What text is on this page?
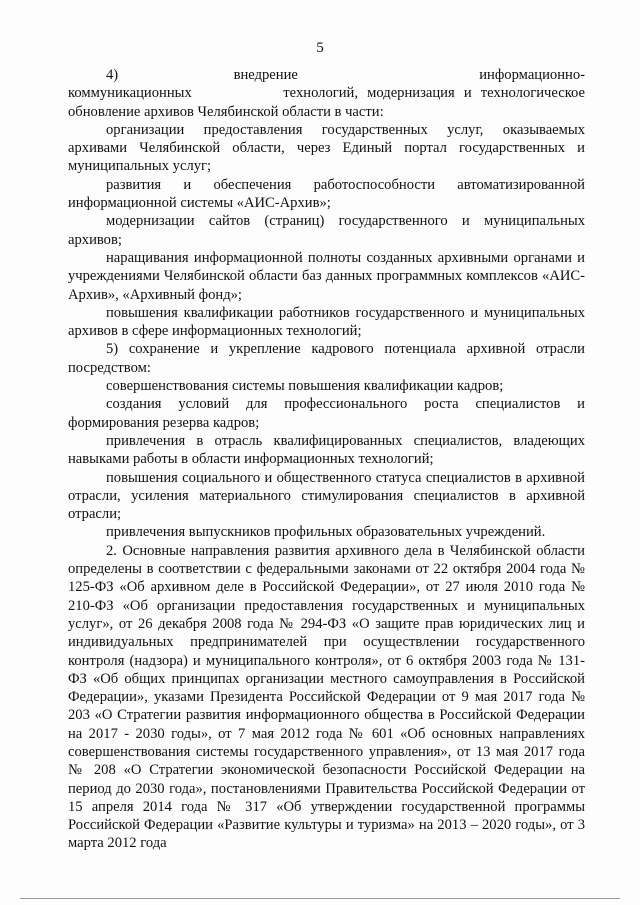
5

4)       внедрение           информационно-коммуникационных          технологий, модернизация и технологическое обновление архивов Челябинской области в части:

организации предоставления государственных услуг, оказываемых архивами Челябинской области, через Единый портал государственных и муниципальных услуг;

развития и обеспечения работоспособности автоматизированной информационной системы «АИС-Архив»;

модернизации сайтов (страниц) государственного и муниципальных архивов;

наращивания информационной полноты созданных архивными органами и учреждениями Челябинской области баз данных программных комплексов «АИС-Архив», «Архивный фонд»;

повышения квалификации работников государственного и муниципальных архивов в сфере информационных технологий;

5) сохранение и укрепление кадрового потенциала архивной отрасли посредством:

совершенствования системы повышения квалификации кадров;

создания условий для профессионального роста специалистов и формирования резерва кадров;

привлечения в отрасль квалифицированных специалистов, владеющих навыками работы в области информационных технологий;

повышения социального и общественного статуса специалистов в архивной отрасли, усиления материального стимулирования специалистов в архивной отрасли;

привлечения выпускников профильных образовательных учреждений.

2. Основные направления развития архивного дела в Челябинской области определены в соответствии с федеральными законами от 22 октября 2004 года № 125-ФЗ «Об архивном деле в Российской Федерации», от 27 июля 2010 года № 210-ФЗ «Об организации предоставления государственных и муниципальных услуг», от 26 декабря 2008 года № 294-ФЗ «О защите прав юридических лиц и индивидуальных предпринимателей при осуществлении государственного контроля (надзора) и муниципального контроля», от 6 октября 2003 года № 131-ФЗ «Об общих принципах организации местного самоуправления в Российской Федерации», указами Президента Российской Федерации от 9 мая 2017 года № 203 «О Стратегии развития информационного общества в Российской Федерации на 2017 - 2030 годы», от 7 мая 2012 года № 601 «Об основных направлениях совершенствования системы государственного управления», от 13 мая 2017 года № 208 «О Стратегии экономической безопасности Российской Федерации на период до 2030 года», постановлениями Правительства Российской Федерации от 15 апреля 2014 года № 317 «Об утверждении государственной программы Российской Федерации «Развитие культуры и туризма» на 2013 – 2020 годы», от 3 марта 2012 года
